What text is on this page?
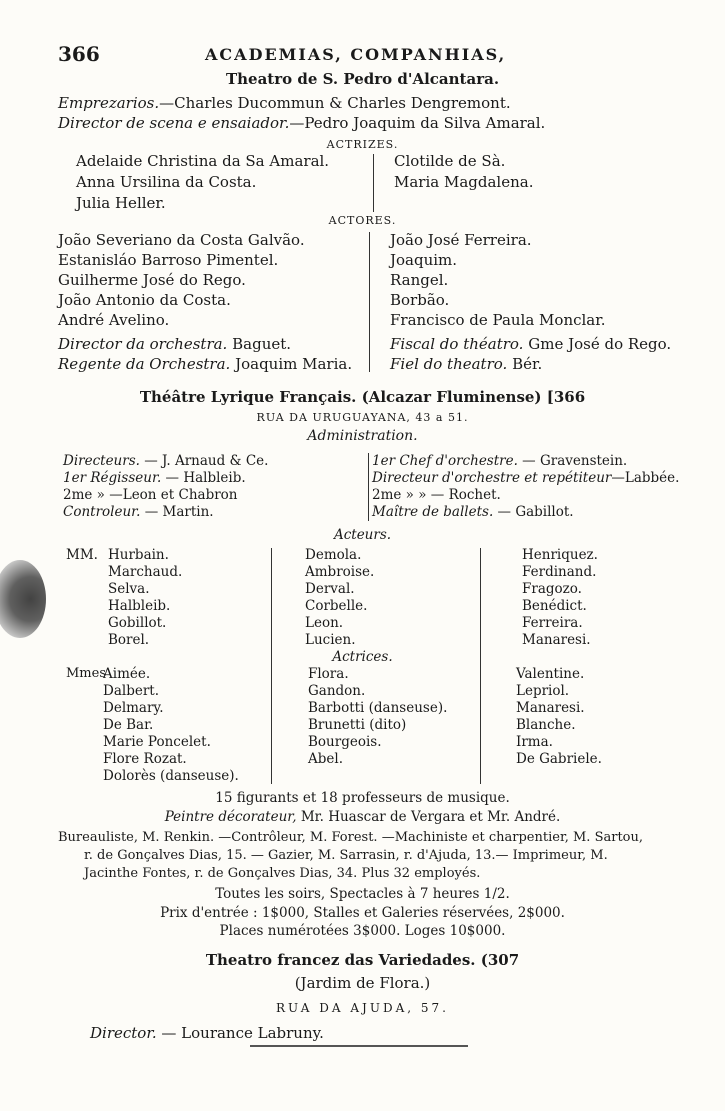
366	ACADEMIAS, COMPANHIAS,
Theatro de S. Pedro d'Alcantara.
Emprezarios.—Charles Ducommun & Charles Dengremont.
Director de scena e ensaiador.—Pedro Joaquim da Silva Amaral.
ACTRIZES.
Adelaide Christina da Sa Amaral.
Anna Ursilina da Costa.
Julia Heller.
Clotilde de Sà.
Maria Magdalena.
ACTORES.
João Severiano da Costa Galvão.
Estanisláo Barroso Pimentel.
Guilherme José do Rego.
João Antonio da Costa.
André Avelino.
João José Ferreira.
Joaquim.
Rangel.
Borbão.
Francisco de Paula Monclar.
Director da orchestra. Baguet.
Regente da Orchestra. Joaquim Maria.
Fiscal do théatro. Gme José do Rego.
Fiel do theatro. Bér.
Théâtre Lyrique Français. (Alcazar Fluminense) [366
RUA DA URUGUAYANA, 43 a 51.
Administration.
Directeurs. — J. Arnaud & Ce.
1er Régisseur. — Halbleib.
2me » —Leon et Chabron
Controleur. — Martin.
1er Chef d'orchestre. — Gravenstein.
Directeur d'orchestre et repétiteur—Labbée.
2me » » — Rochet.
Maître de ballets. — Gabillot.
Acteurs.
MM. Hurbain.
Marchaud.
Selva.
Halbleib.
Gobillot.
Borel.
Demola.
Ambroise.
Derval.
Corbelle.
Leon.
Lucien.
Henriquez.
Ferdinand.
Fragozo.
Benédict.
Ferreira.
Manaresi.
Actrices.
Mmes
Aimée.
Dalbert.
Delmary.
De Bar.
Marie Poncelet.
Flore Rozat.
Dolorès (danseuse).
Flora.
Gandon.
Barbotti (danseuse).
Brunetti (dito)
Bourgeois.
Abel.
Valentine.
Lepriol.
Manaresi.
Blanche.
Irma.
De Gabriele.
15 figurants et 18 professeurs de musique.
Peintre décorateur, Mr. Huascar de Vergara et Mr. André.
Bureauliste, M. Renkin. —Contrôleur, M. Forest. —Machiniste et charpentier, M. Sartou,
r. de Gonçalves Dias, 15. — Gazier, M. Sarrasin, r. d'Ajuda, 13.— Imprimeur, M.
Jacinthe Fontes, r. de Gonçalves Dias, 34. Plus 32 employés.
Toutes les soirs, Spectacles à 7 heures 1/2.
Prix d'entrée : 1$000, Stalles et Galeries réservées, 2$000.
Places numérotées 3$000. Loges 10$000.
Theatro francez das Variedades. (307
(Jardim de Flora.)
RUA DA AJUDA, 57.
Director. — Lourance Labruny.
